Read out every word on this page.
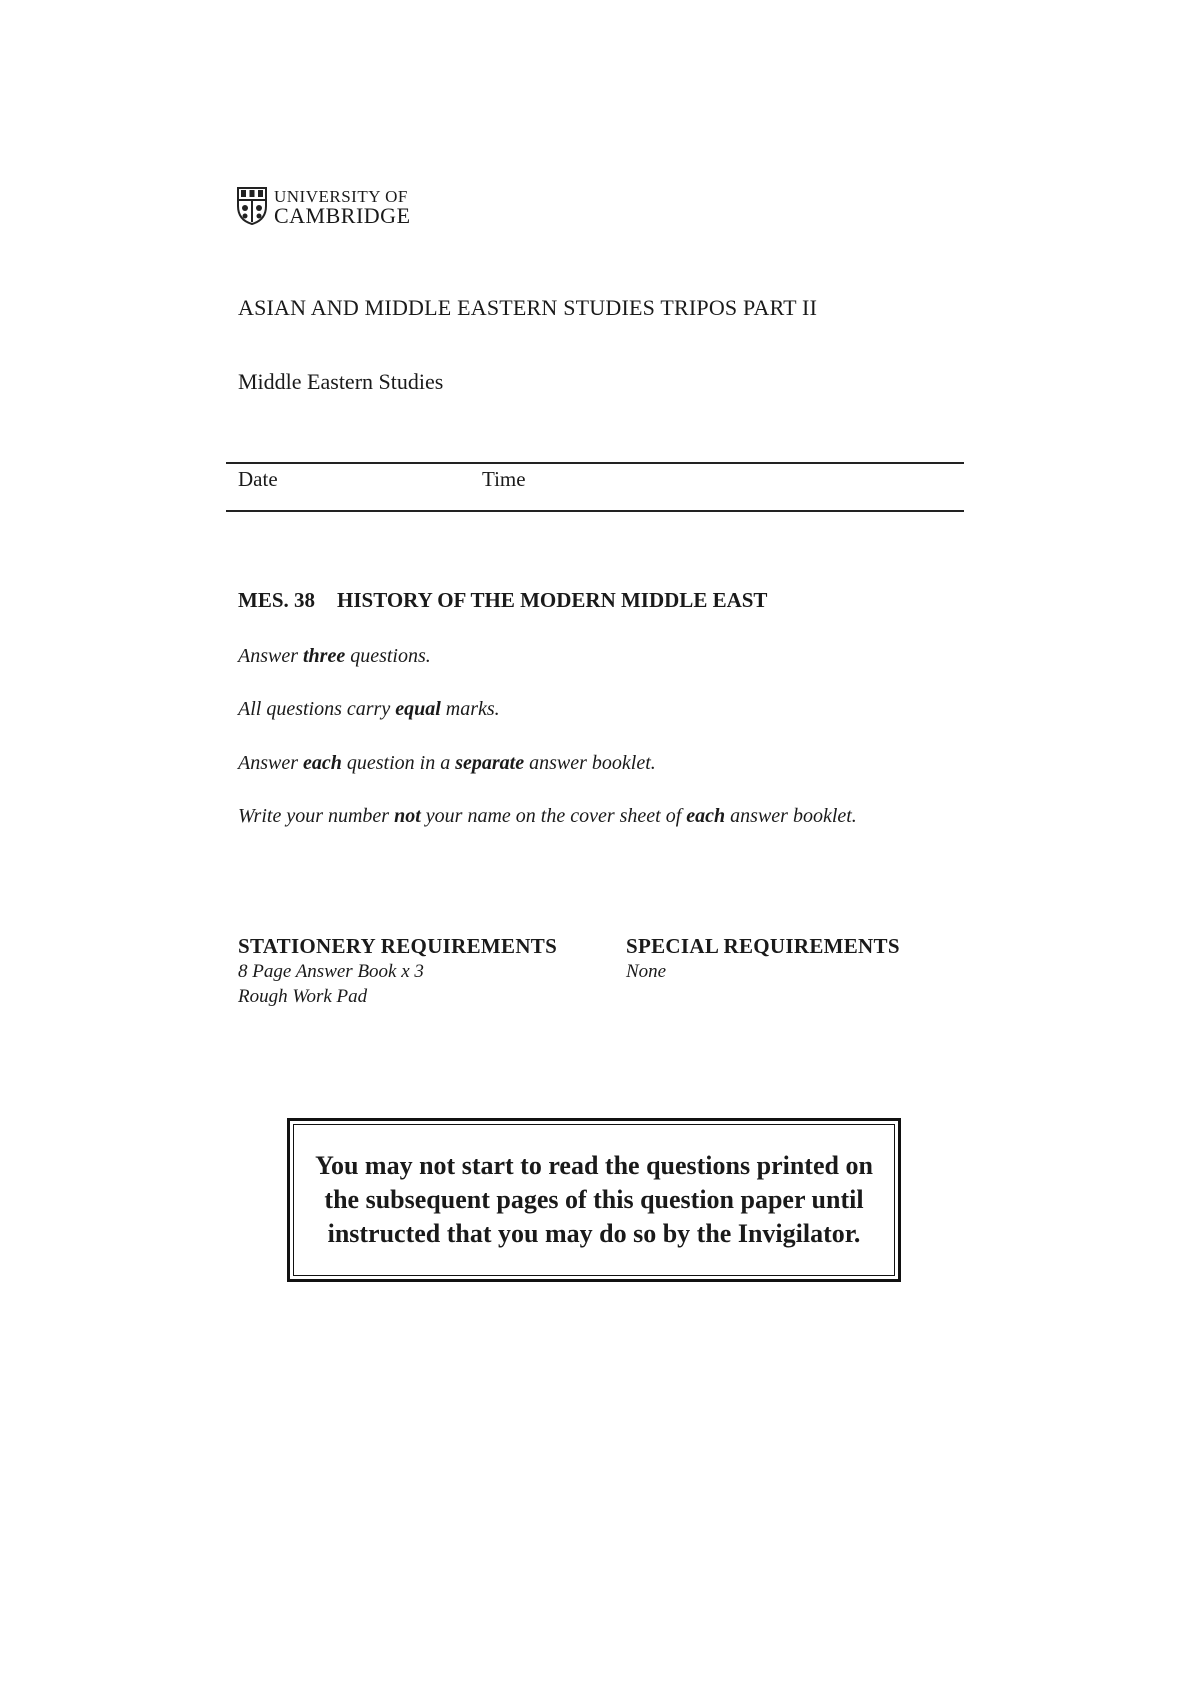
UNIVERSITY OF
CAMBRIDGE
ASIAN AND MIDDLE EASTERN STUDIES TRIPOS PART II
Middle Eastern Studies
Date	Time
MES. 38 HISTORY OF THE MODERN MIDDLE EAST
Answer three questions.
All questions carry equal marks.
Answer each question in a separate answer booklet.
Write your number not your name on the cover sheet of each answer booklet.
STATIONERY REQUIREMENTS
8 Page Answer Book x 3
Rough Work Pad
SPECIAL REQUIREMENTS
None
You may not start to read the questions printed on the subsequent pages of this question paper until instructed that you may do so by the Invigilator.
